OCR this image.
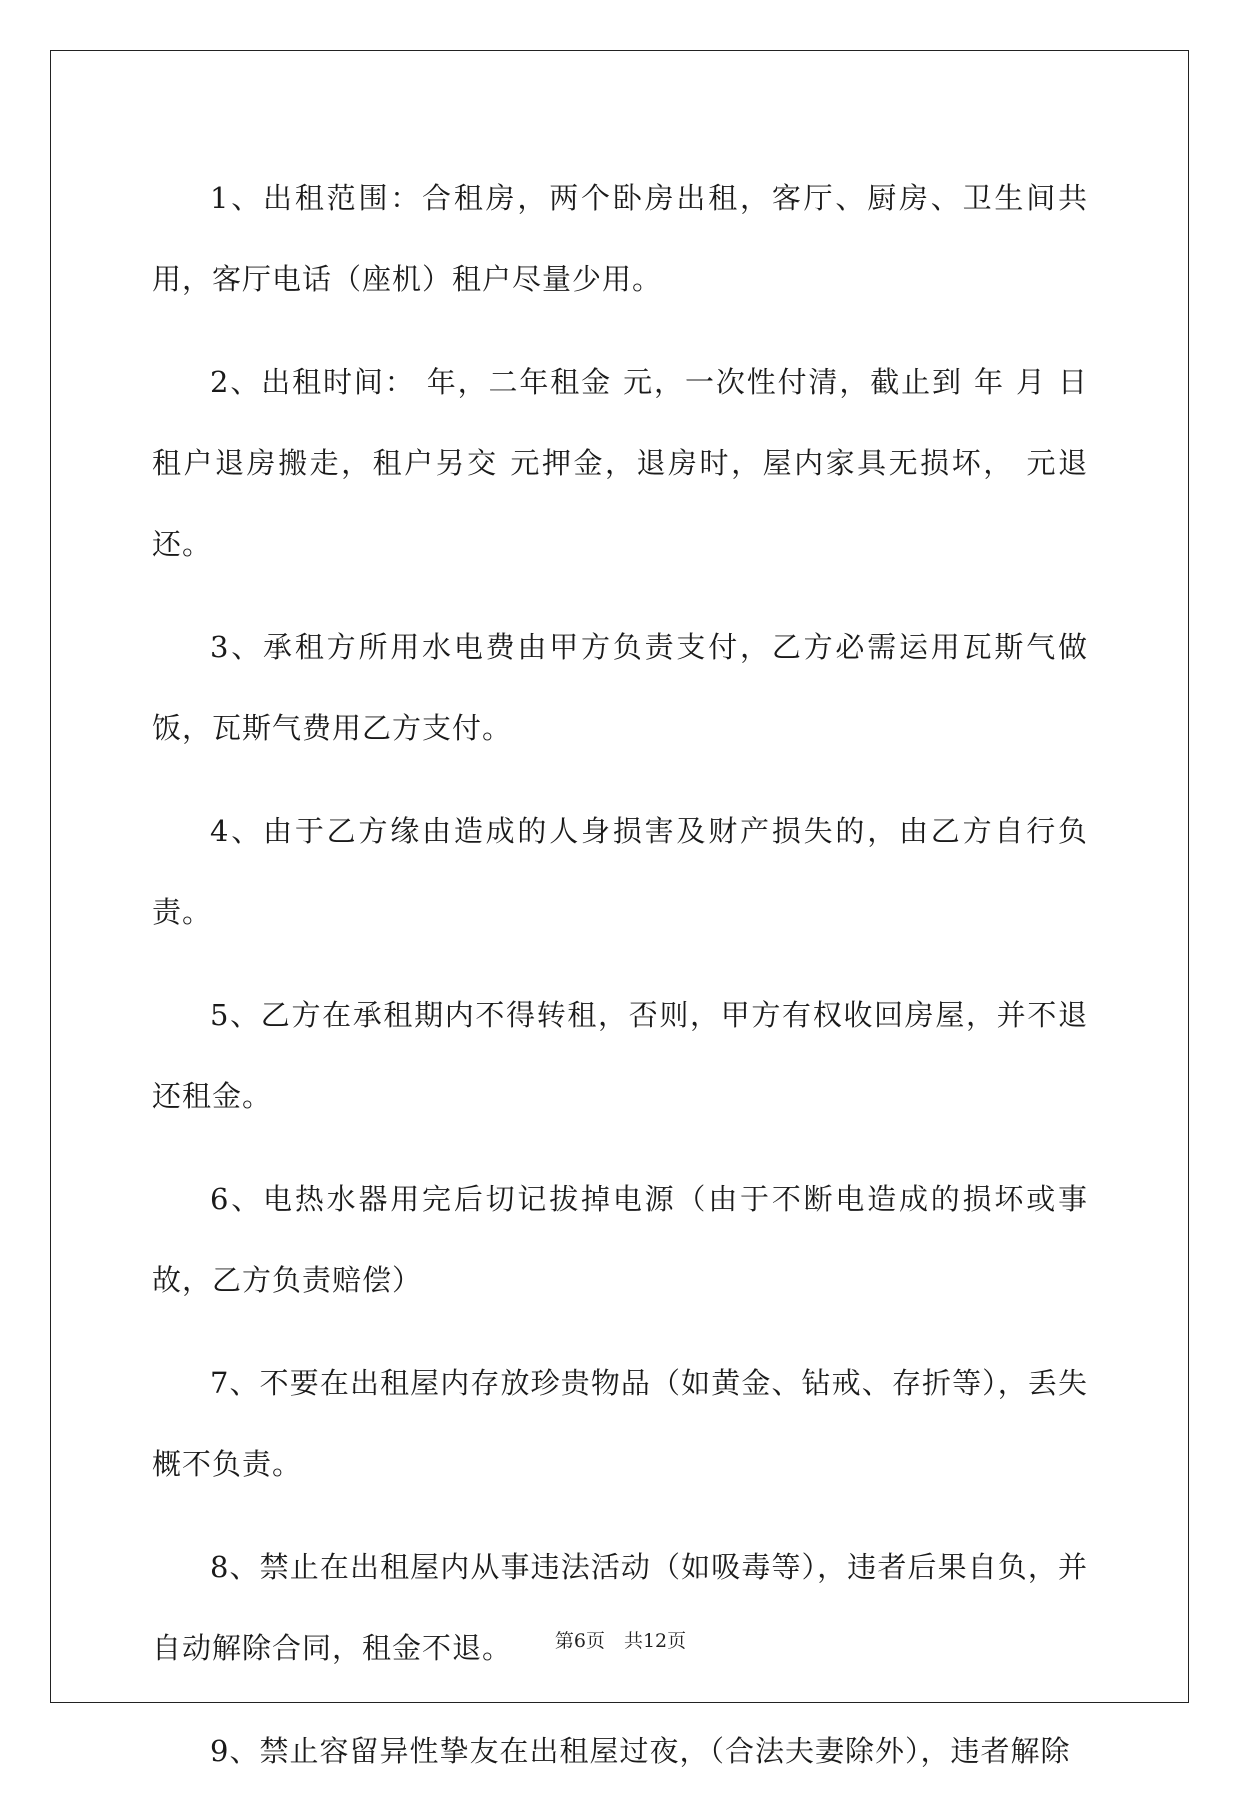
1、出租范围：合租房，两个卧房出租，客厅、厨房、卫生间共用，客厅电话（座机）租户尽量少用。

2、出租时间： 年，二年租金 元，一次性付清，截止到 年 月 日租户退房搬走，租户另交 元押金，退房时，屋内家具无损坏， 元退还。

3、承租方所用水电费由甲方负责支付，乙方必需运用瓦斯气做饭，瓦斯气费用乙方支付。

4、由于乙方缘由造成的人身损害及财产损失的，由乙方自行负责。

5、乙方在承租期内不得转租，否则，甲方有权收回房屋，并不退还租金。

6、电热水器用完后切记拔掉电源（由于不断电造成的损坏或事故，乙方负责赔偿）

7、不要在出租屋内存放珍贵物品（如黄金、钻戒、存折等），丢失概不负责。

8、禁止在出租屋内从事违法活动（如吸毒等），违者后果自负，并自动解除合同，租金不退。

9、禁止容留异性挚友在出租屋过夜，（合法夫妻除外），违者解除

第6页　共12页
